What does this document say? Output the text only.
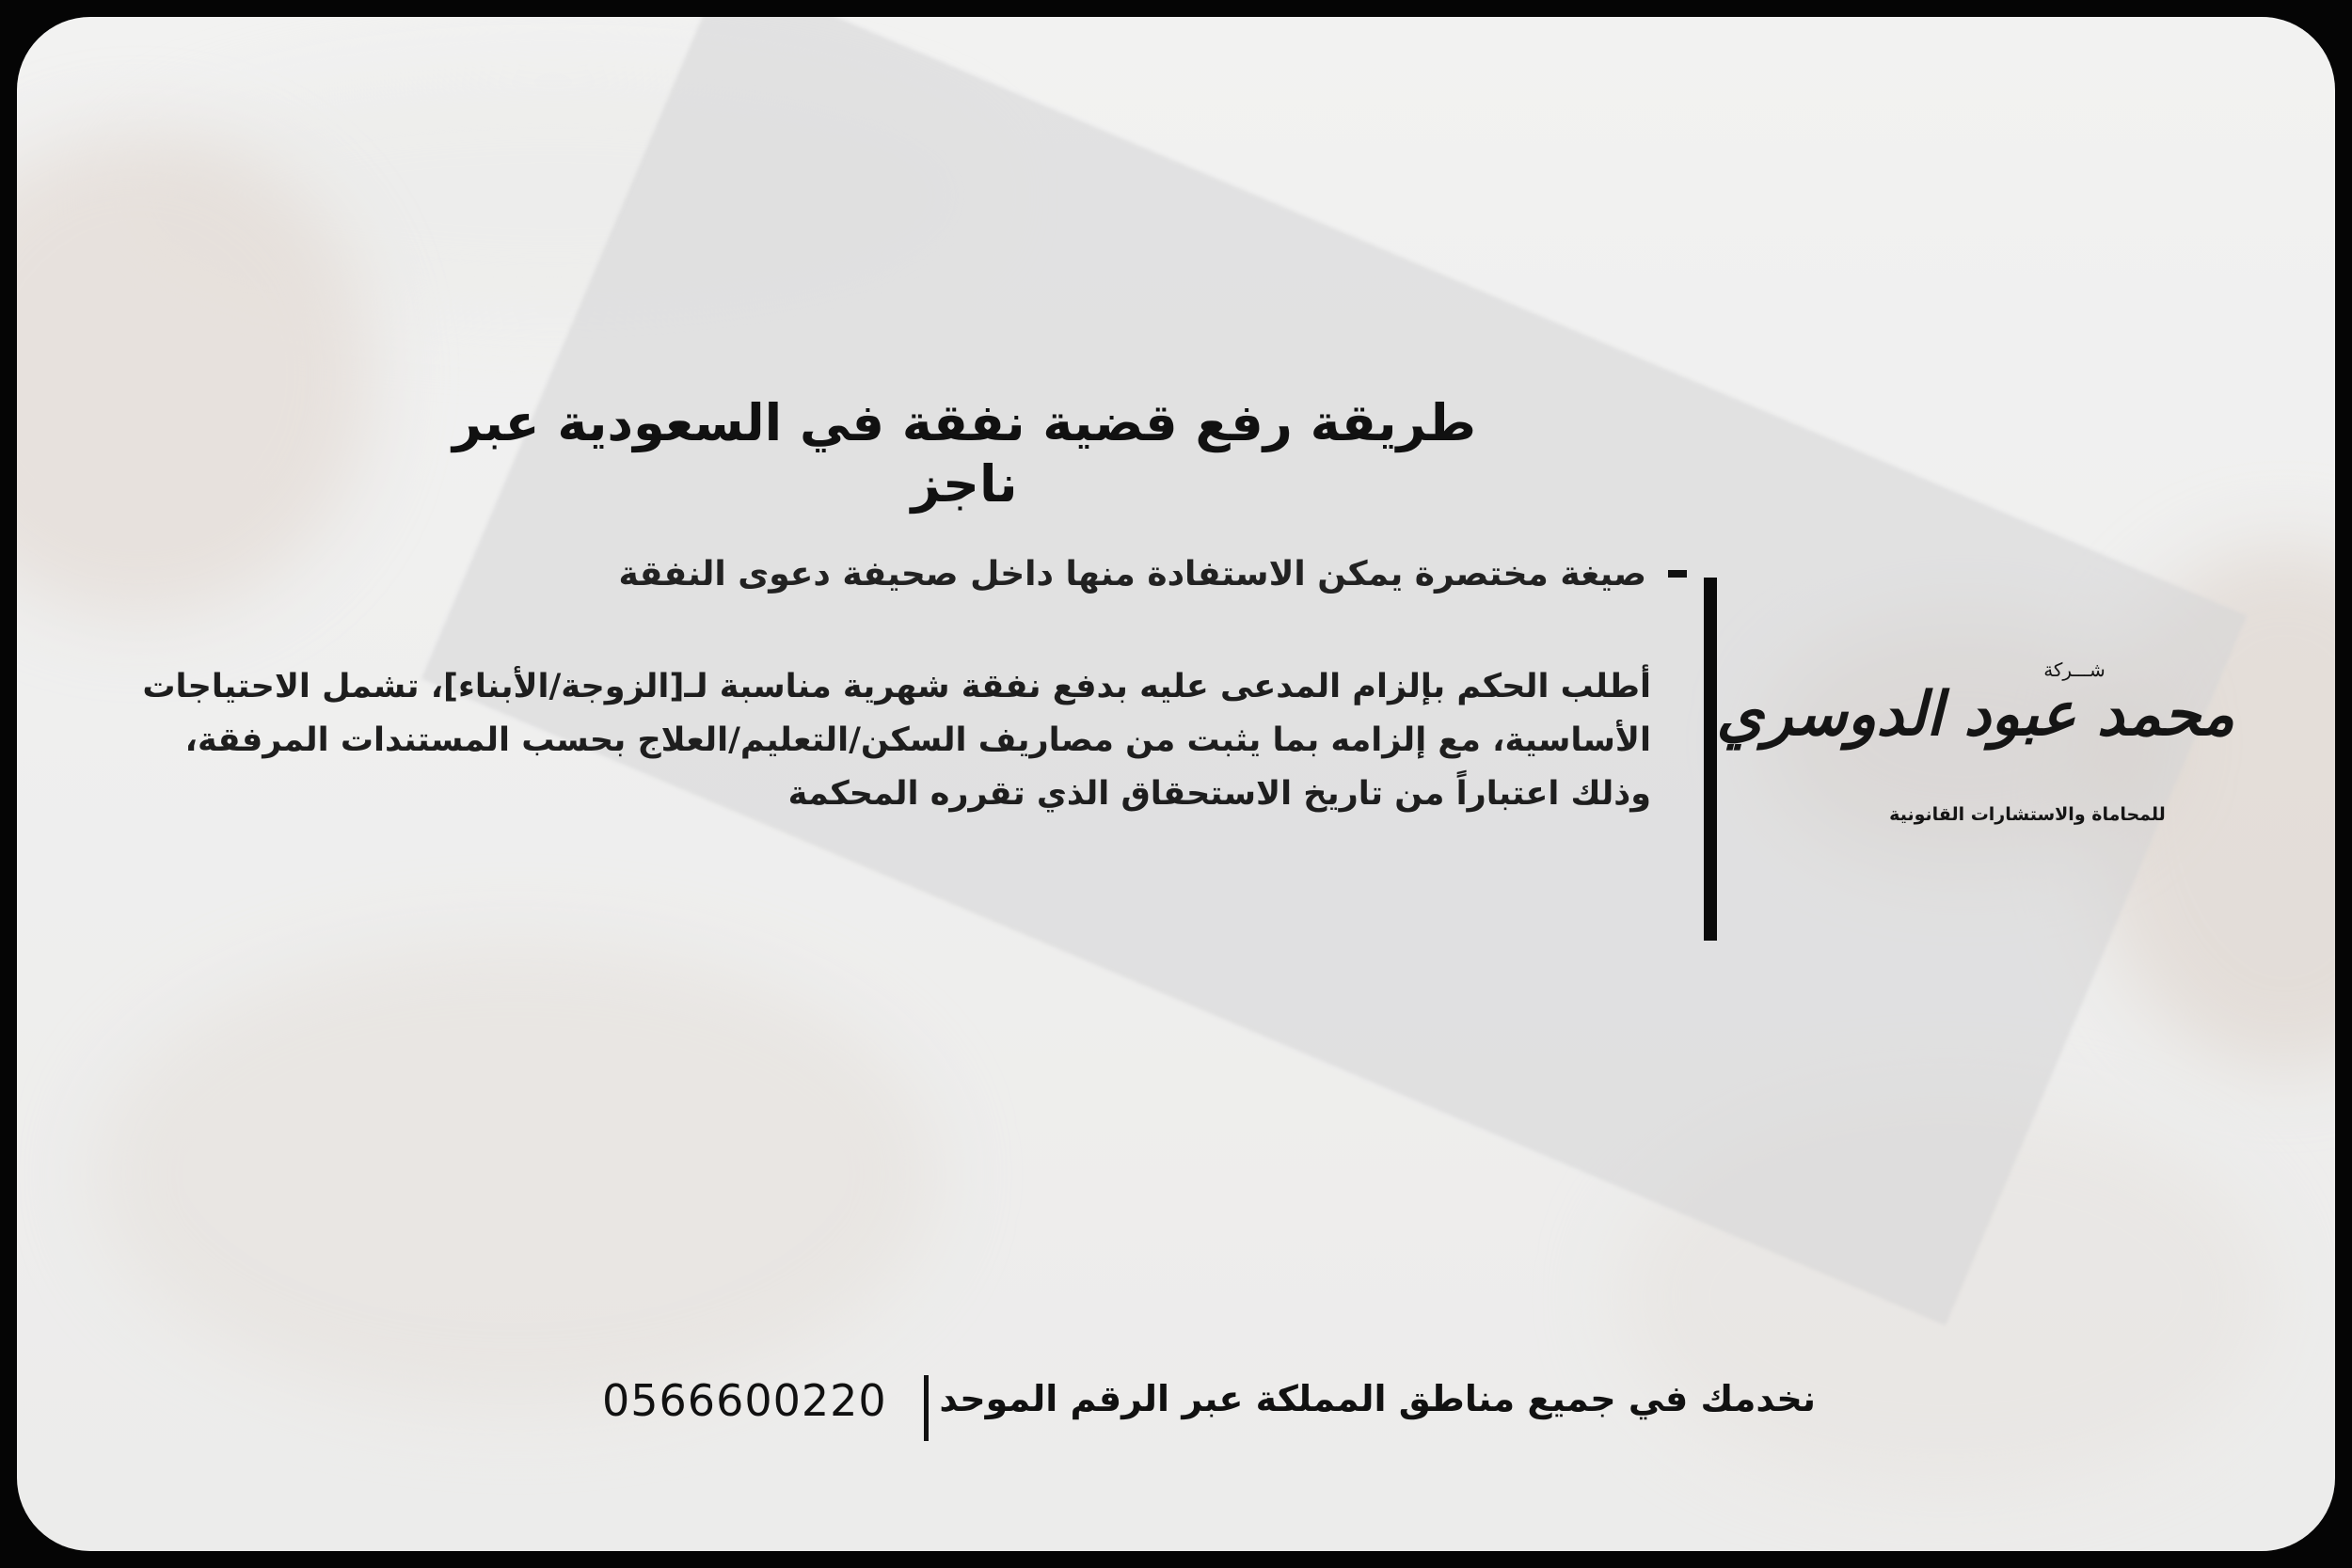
طريقة رفع قضية نفقة في السعودية عبر ناجز
صيغة مختصرة يمكن الاستفادة منها داخل صحيفة دعوى النفقة
أطلب الحكم بإلزام المدعى عليه بدفع نفقة شهرية مناسبة لـ[الزوجة/الأبناء]، تشمل الاحتياجات الأساسية، مع إلزامه بما يثبت من مصاريف السكن/التعليم/العلاج بحسب المستندات المرفقة، وذلك اعتباراً من تاريخ الاستحقاق الذي تقرره المحكمة
شـــركة
محمد عبود الدوسري
للمحاماة والاستشارات القانونية
نخدمك في جميع مناطق المملكة عبر الرقم الموحد
0566600220
